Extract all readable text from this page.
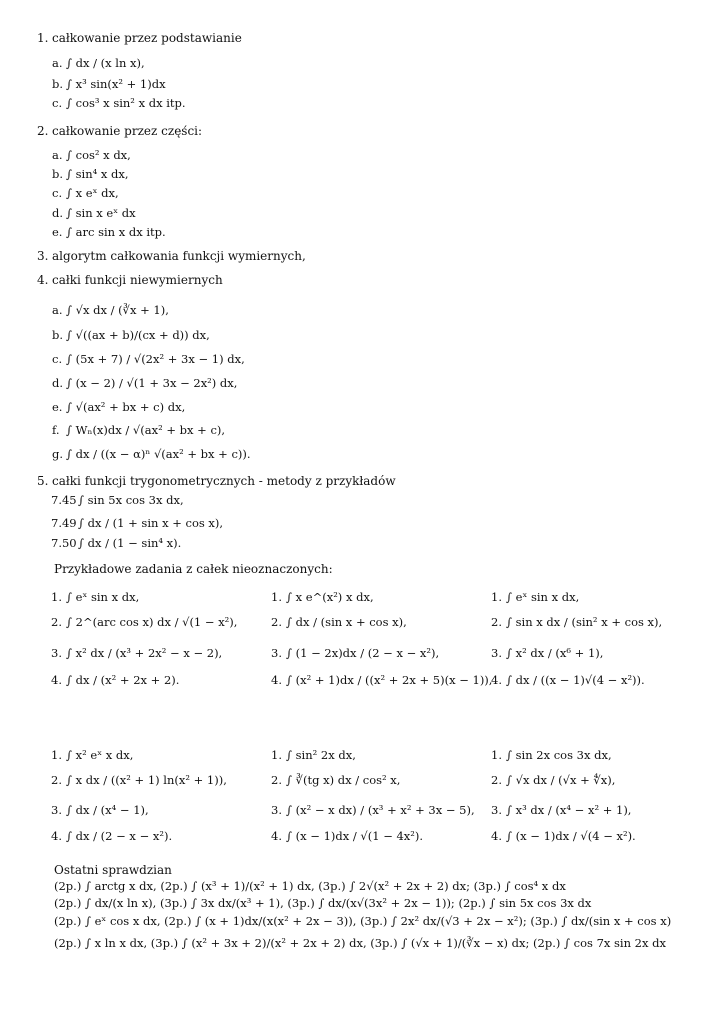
1. całkowanie przez podstawianie
a. ∫ dx / (x ln x),
b. ∫ x³ sin(x² + 1)dx
c. ∫ cos³ x sin² x dx itp.
2. całkowanie przez części:
a. ∫ cos² x dx,
b. ∫ sin⁴ x dx,
c. ∫ x eˣ dx,
d. ∫ sin x eˣ dx
e. ∫ arc sin x dx itp.
3. algorytm całkowania funkcji wymiernych,
4. całki funkcji niewymiernych
a. ∫ √x dx / (∛x + 1),
b. ∫ √((ax + b)/(cx + d)) dx,
c. ∫ (5x + 7) / √(2x² + 3x − 1) dx,
d. ∫ (x − 2) / √(1 + 3x − 2x²) dx,
e. ∫ √(ax² + bx + c) dx,
f. ∫ Wₙ(x)dx / √(ax² + bx + c),
g. ∫ dx / ((x − α)ⁿ √(ax² + bx + c)).
5. całki funkcji trygonometrycznych - metody z przykładów
7.45 ∫ sin 5x cos 3x dx,
7.49 ∫ dx / (1 + sin x + cos x),
7.50 ∫ dx / (1 − sin⁴ x).
Przykładowe zadania z całek nieoznaczonych:
1. ∫ eˣ sin x dx,
2. ∫ 2^(arc cos x) dx / √(1 − x²),
3. ∫ x² dx / (x³ + 2x² − x − 2),
4. ∫ dx / (x² + 2x + 2).
1. ∫ x e^(x²) x dx,
2. ∫ dx / (sin x + cos x),
3. ∫ (1 − 2x)dx / (2 − x − x²),
4. ∫ (x² + 1)dx / ((x² + 2x + 5)(x − 1)),
1. ∫ eˣ sin x dx,
2. ∫ sin x dx / (sin² x + cos x),
3. ∫ x² dx / (x⁶ + 1),
4. ∫ dx / ((x − 1)√(4 − x²)).
1. ∫ x² eˣ x dx,
2. ∫ x dx / ((x² + 1) ln(x² + 1)),
3. ∫ dx / (x⁴ − 1),
4. ∫ dx / (2 − x − x²).
1. ∫ sin² 2x dx,
2. ∫ ∛(tg x) dx / cos² x,
3. ∫ (x² − x dx) / (x³ + x² + 3x − 5),
4. ∫ (x − 1)dx / √(1 − 4x²).
1. ∫ sin 2x cos 3x dx,
2. ∫ √x dx / (√x + ∜x),
3. ∫ x³ dx / (x⁴ − x² + 1),
4. ∫ (x − 1)dx / √(4 − x²).
Ostatni sprawdzian
(2p.) ∫ arctg x dx, (2p.) ∫ (x³ + 1)/(x² + 1) dx, (3p.) ∫ 2√(x² + 2x + 2) dx; (3p.) ∫ cos⁴ x dx
(2p.) ∫ dx/(x ln x), (3p.) ∫ 3x dx/(x³ + 1), (3p.) ∫ dx/(x√(3x² + 2x − 1)); (2p.) ∫ sin 5x cos 3x dx
(2p.) ∫ eˣ cos x dx, (2p.) ∫ (x + 1)dx/(x(x² + 2x − 3)), (3p.) ∫ 2x² dx/(√3 + 2x − x²); (3p.) ∫ dx/(sin x + cos x)
(2p.) ∫ x ln x dx, (3p.) ∫ (x² + 3x + 2)/(x² + 2x + 2) dx, (3p.) ∫ (√x + 1)/(∛x − x) dx; (2p.) ∫ cos 7x sin 2x dx
